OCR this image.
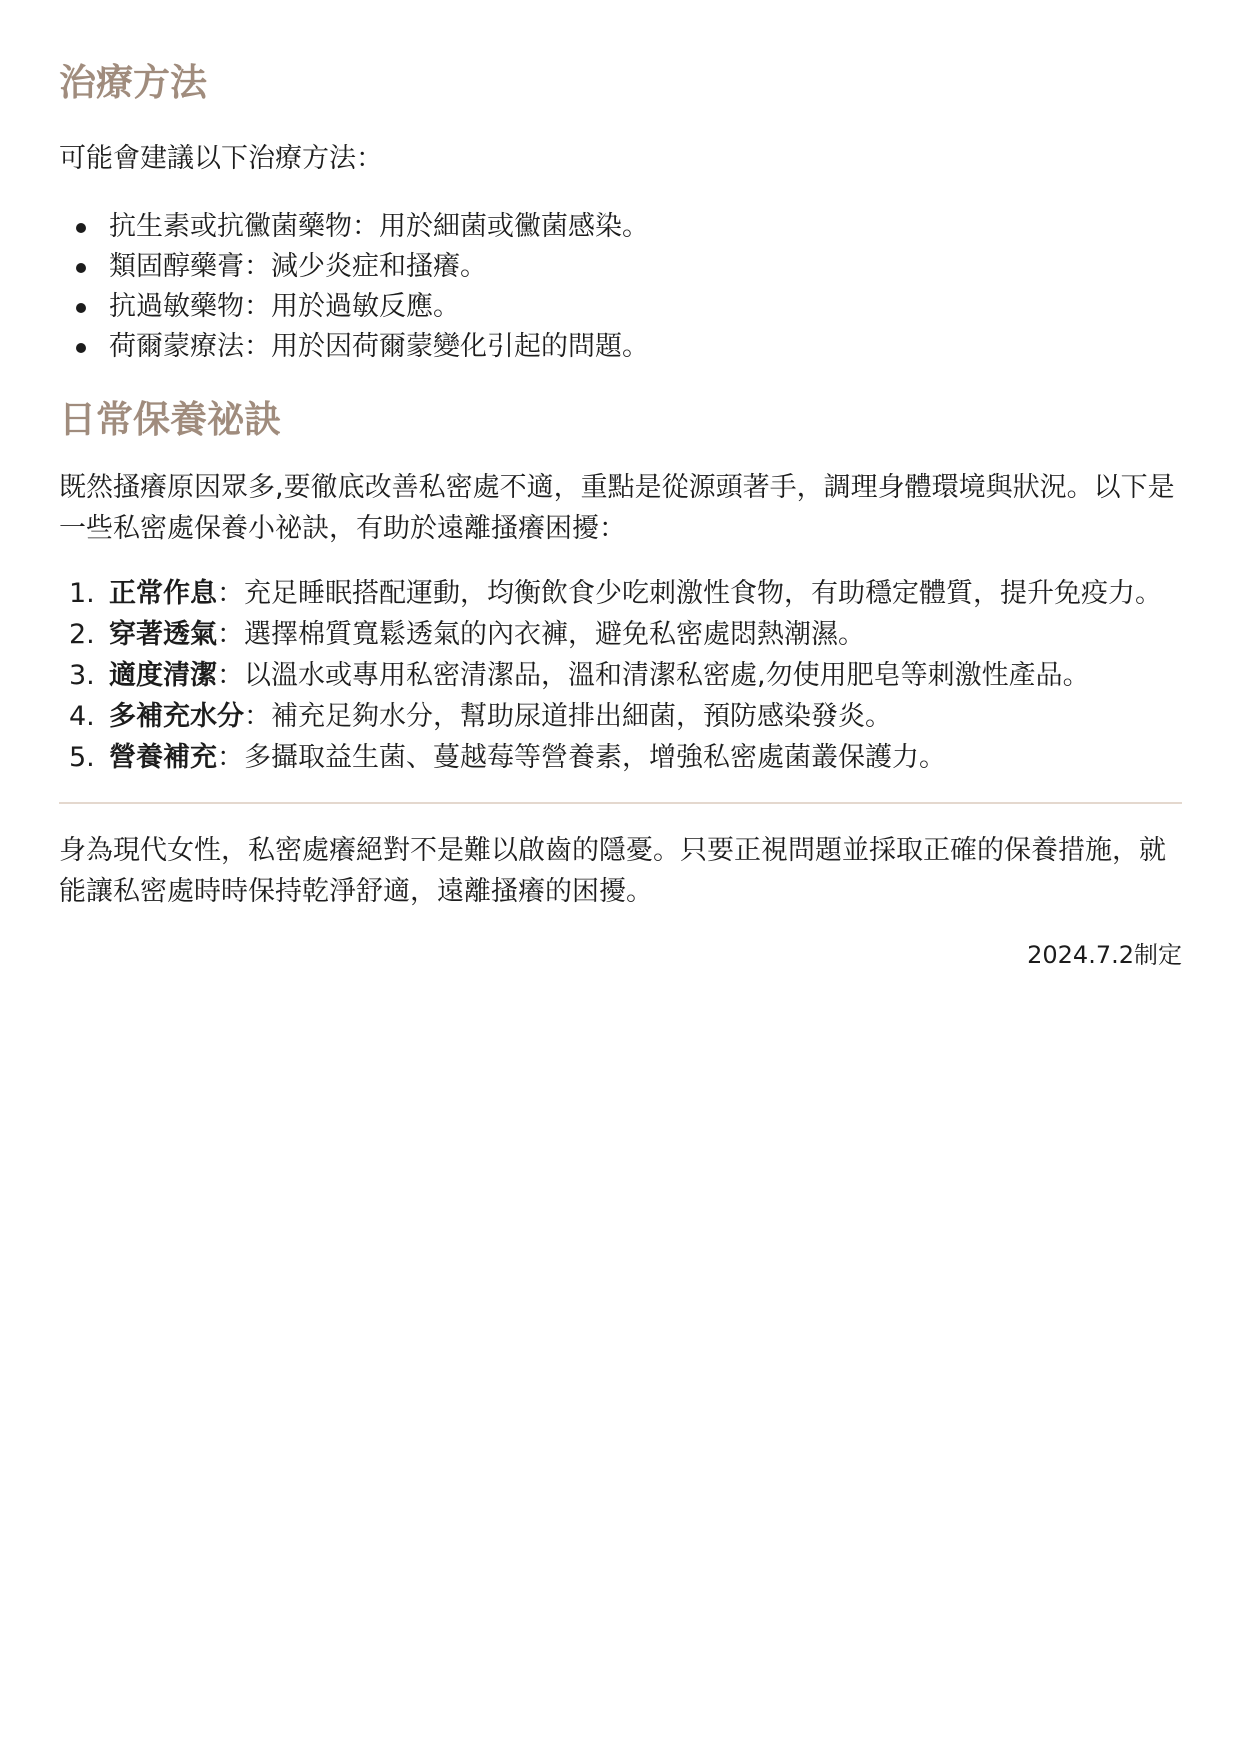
治療方法

可能會建議以下治療方法：

抗生素或抗黴菌藥物：用於細菌或黴菌感染。
類固醇藥膏：減少炎症和搔癢。
抗過敏藥物：用於過敏反應。
荷爾蒙療法：用於因荷爾蒙變化引起的問題。
日常保養祕訣

既然搔癢原因眾多,要徹底改善私密處不適，重點是從源頭著手，調理身體環境與狀況。以下是一些私密處保養小祕訣，有助於遠離搔癢困擾：

1. 正常作息：充足睡眠搭配運動，均衡飲食少吃刺激性食物，有助穩定體質，提升免疫力。
2. 穿著透氣：選擇棉質寬鬆透氣的內衣褲，避免私密處悶熱潮濕。
3. 適度清潔：以溫水或專用私密清潔品，溫和清潔私密處,勿使用肥皂等刺激性產品。
4. 多補充水分：補充足夠水分，幫助尿道排出細菌，預防感染發炎。
5. 營養補充：多攝取益生菌、蔓越莓等營養素，增強私密處菌叢保護力。

身為現代女性，私密處癢絕對不是難以啟齒的隱憂。只要正視問題並採取正確的保養措施，就能讓私密處時時保持乾淨舒適，遠離搔癢的困擾。

2024.7.2制定
